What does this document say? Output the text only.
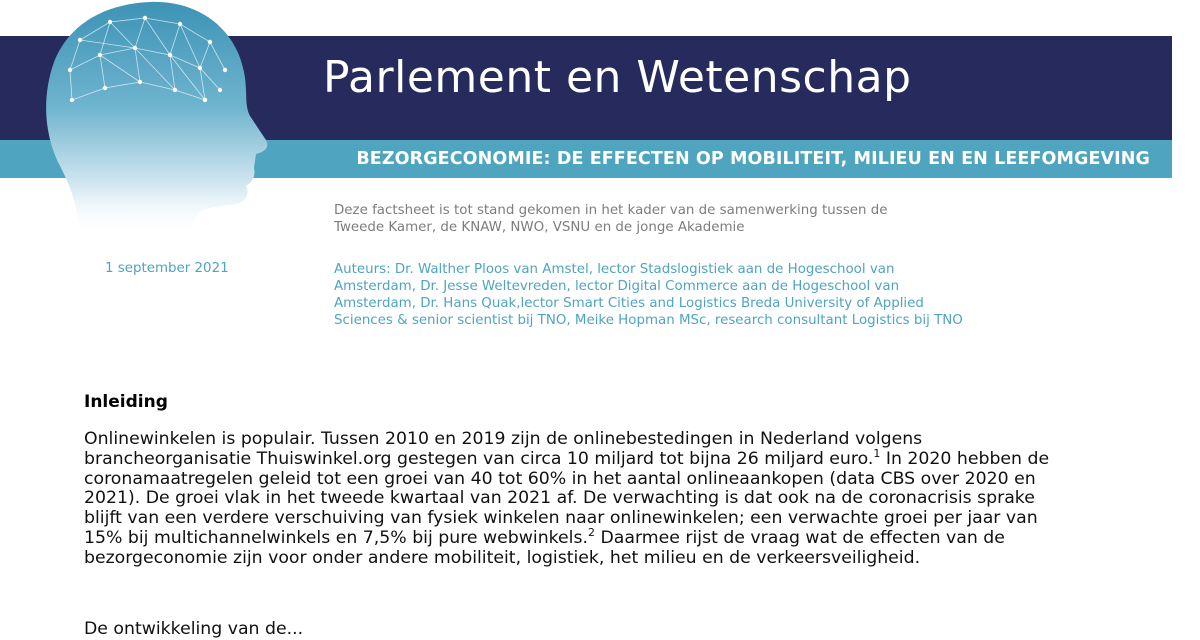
Parlement en Wetenschap
BEZORGECONOMIE: DE EFFECTEN OP MOBILITEIT, MILIEU EN EN LEEFOMGEVING

Deze factsheet is tot stand gekomen in het kader van de samenwerking tussen de

Tweede Kamer, de KNAW, NWO, VSNU en de jonge Akademie

1 september 2021	Auteurs: Dr. Walther Ploos van Amstel, lector Stadslogistiek aan de Hogeschool van Amsterdam, Dr. Jesse Weltevreden, lector Digital Commerce aan de Hogeschool van Amsterdam, Dr. Hans Quak,lector Smart Cities and Logistics Breda University of Applied Sciences & senior scientist bij TNO, Meike Hopman MSc, research consultant Logistics bij TNO

Inleiding

Onlinewinkelen is populair. Tussen 2010 en 2019 zijn de onlinebestedingen in Nederland volgens brancheorganisatie Thuiswinkel.org gestegen van circa 10 miljard tot bijna 26 miljard euro.$^1$ In 2020 hebben de coronamaatregelen geleid tot een groei van 40 tot 60% in het aantal onlineaankopen (data CBS over 2020 en 2021). De groei vlak in het tweede kwartaal van 2021 af. De verwachting is dat ook na de coronacrisis sprake blijft van een verdere verschuiving van fysiek winkelen naar onlinewinkelen; een verwachte groei per jaar van 15% bij multichannelwinkels en 7,5% bij pure webwinkels.$^2$ Daarmee rijst de vraag wat de effecten van de bezorgeconomie zijn voor onder andere mobiliteit, logistiek, het milieu en de verkeersveiligheid.

De ontwikkeling van de...
